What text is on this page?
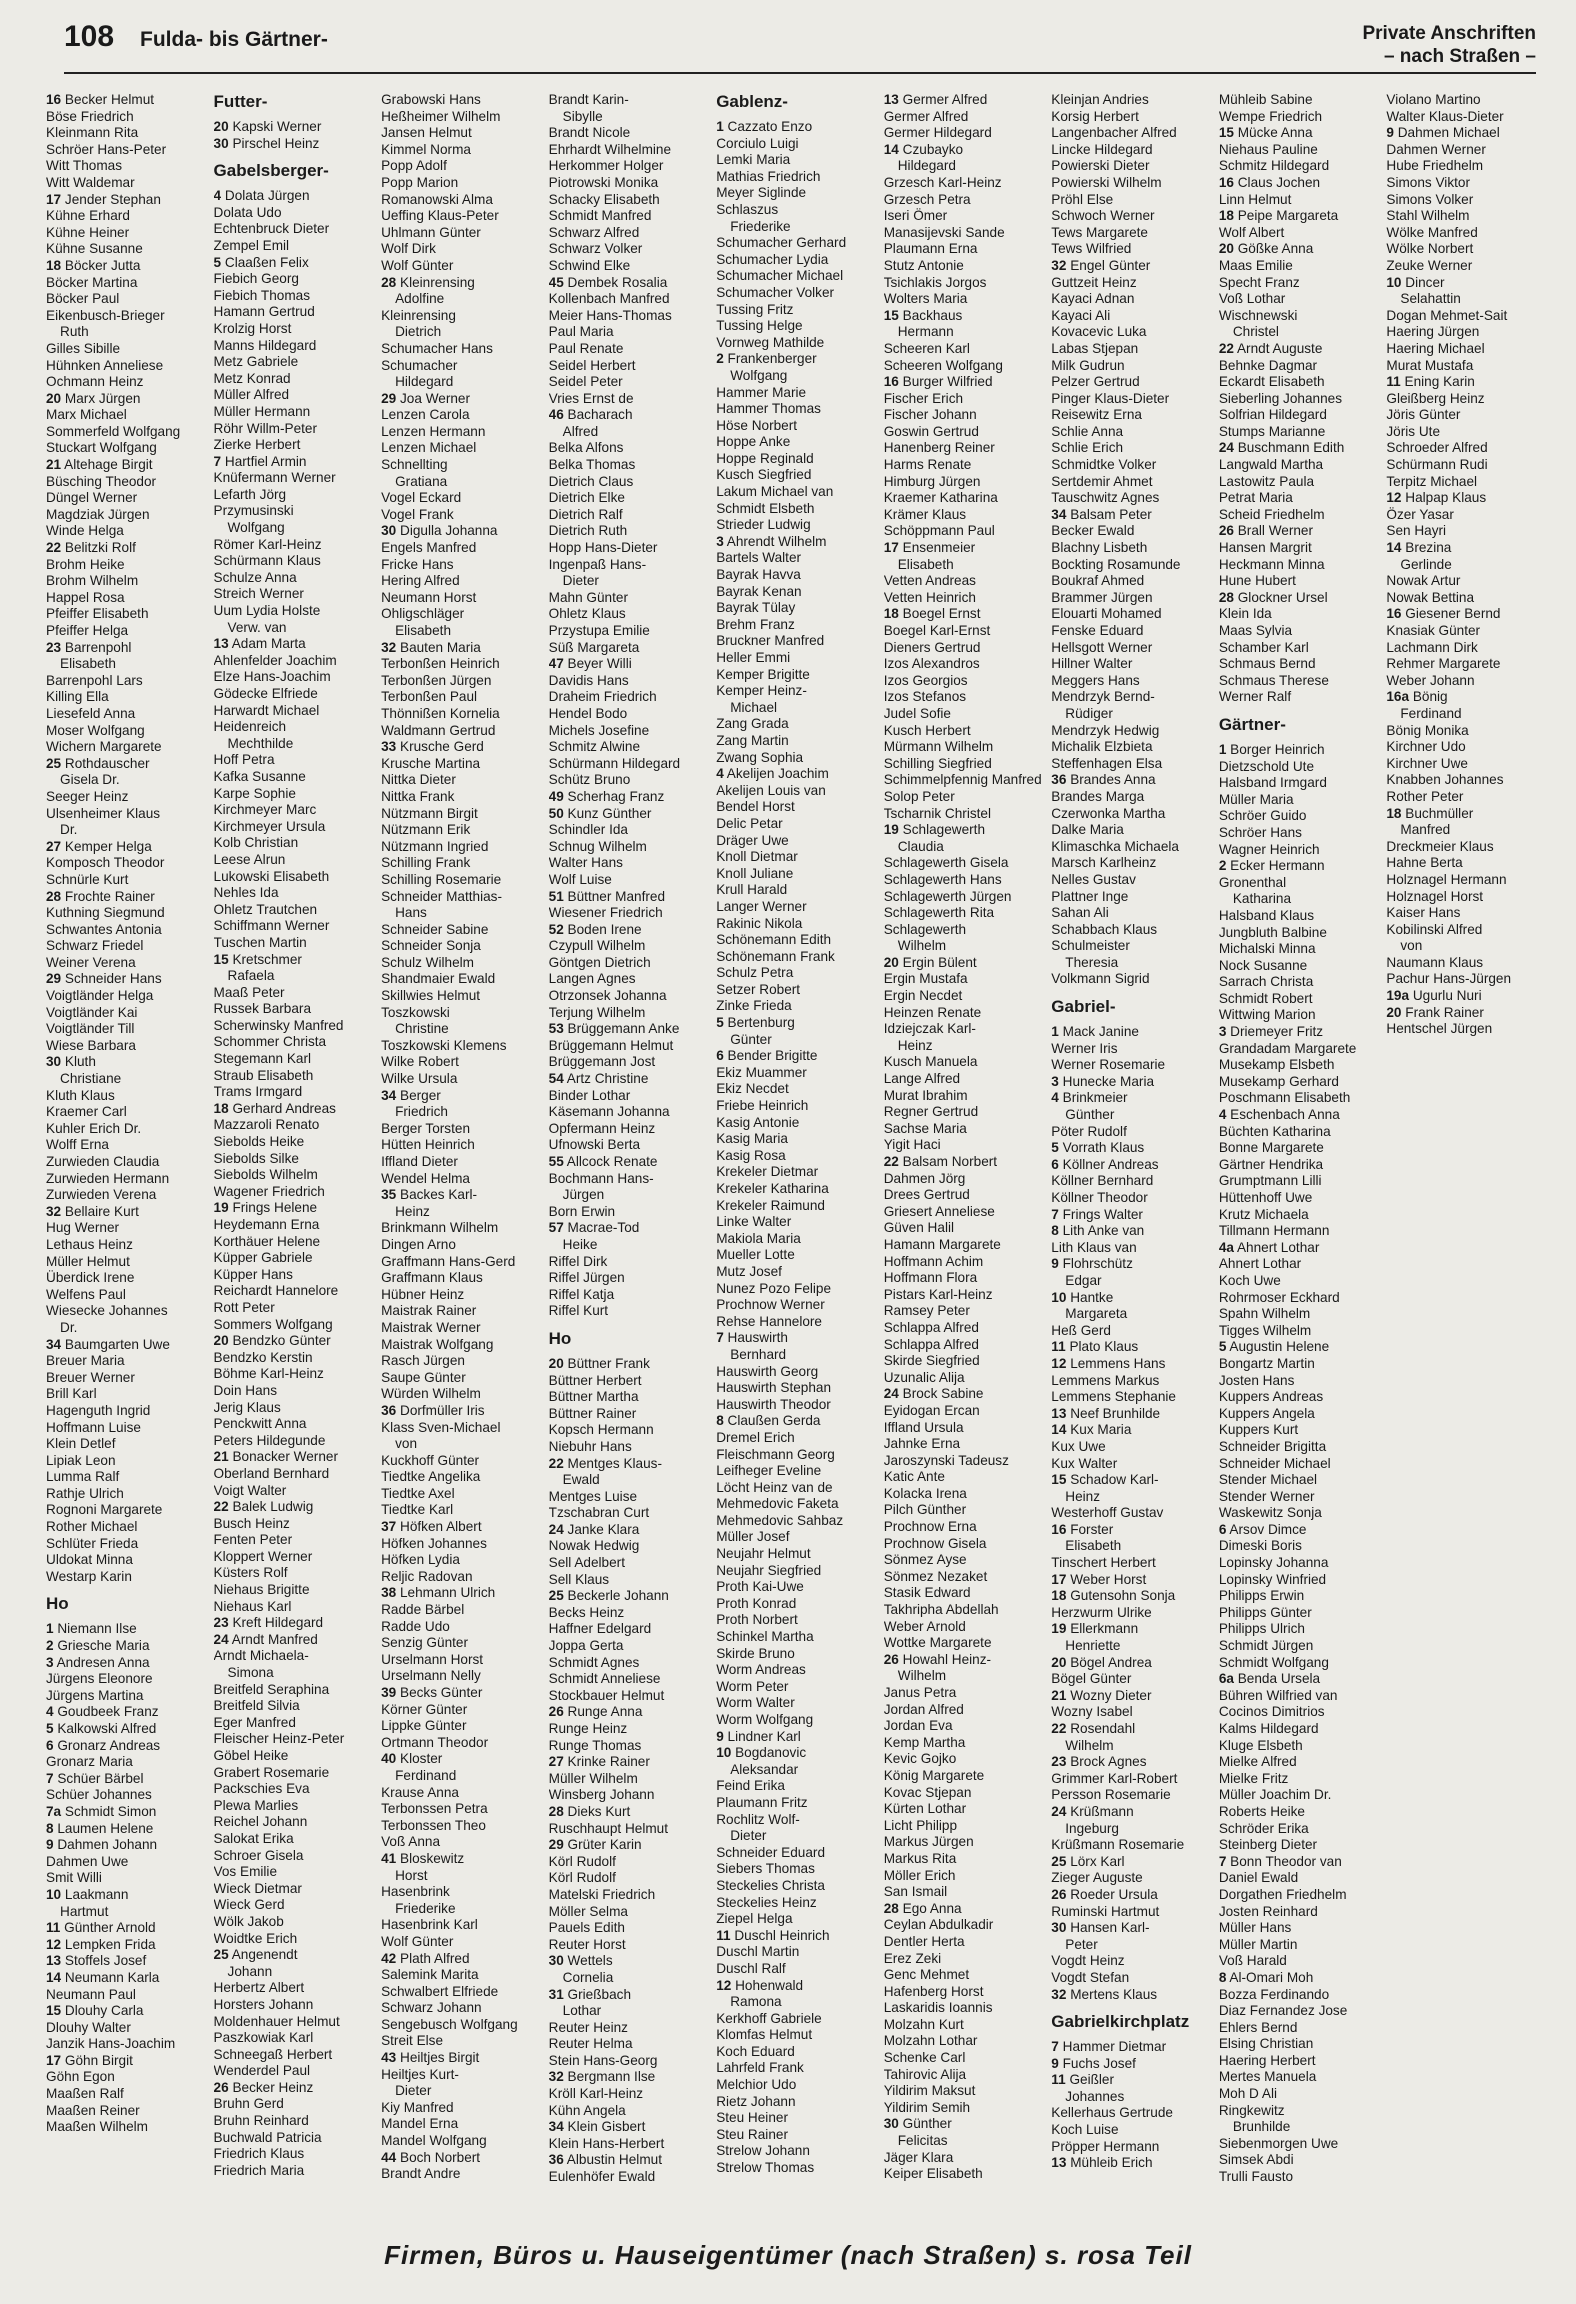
108 Fulda- bis Gärtner-	Private Anschriften
– nach Straßen –
16 Becker Helmut
Böse Friedrich
Kleinmann Rita
Schröer Hans-Peter
Witt Thomas
Witt Waldemar
17 Jender Stephan
Kühne Erhard
Kühne Heiner
Kühne Susanne
18 Böcker Jutta
Böcker Martina
Böcker Paul
Eikenbusch-Brieger
Ruth
Gilles Sibille
Hühnken Anneliese
Ochmann Heinz
20 Marx Jürgen
Marx Michael
Sommerfeld Wolfgang
Stuckart Wolfgang
21 Altehage Birgit
Büsching Theodor
Düngel Werner
Magdziak Jürgen
Winde Helga
22 Belitzki Rolf
Brohm Heike
Brohm Wilhelm
Happel Rosa
Pfeiffer Elisabeth
Pfeiffer Helga
23 Barrenpohl
Elisabeth
Barrenpohl Lars
Killing Ella
Liesefeld Anna
Moser Wolfgang
Wichern Margarete
25 Rothdauscher
Gisela Dr.
Seeger Heinz
Ulsenheimer Klaus
Dr.
27 Kemper Helga
Komposch Theodor
Schnürle Kurt
28 Frochte Rainer
Kuthning Siegmund
Schwantes Antonia
Schwarz Friedel
Weiner Verena
29 Schneider Hans
Voigtländer Helga
Voigtländer Kai
Voigtländer Till
Wiese Barbara
30 Kluth
Christiane
Kluth Klaus
Kraemer Carl
Kuhler Erich Dr.
Wolff Erna
Zurwieden Claudia
Zurwieden Hermann
Zurwieden Verena
32 Bellaire Kurt
Hug Werner
Lethaus Heinz
Müller Helmut
Überdick Irene
Welfens Paul
Wiesecke Johannes
Dr.
34 Baumgarten Uwe
Breuer Maria
Breuer Werner
Brill Karl
Hagenguth Ingrid
Hoffmann Luise
Klein Detlef
Lipiak Leon
Lumma Ralf
Rathje Ulrich
Rognoni Margarete
Rother Michael
Schlüter Frieda
Uldokat Minna
Westarp Karin
Ho
1 Niemann Ilse
2 Griesche Maria
3 Andresen Anna
Jürgens Eleonore
Jürgens Martina
4 Goudbeek Franz
5 Kalkowski Alfred
6 Gronarz Andreas
Gronarz Maria
7 Schüer Bärbel
Schüer Johannes
7a Schmidt Simon
8 Laumen Helene
9 Dahmen Johann
Dahmen Uwe
Smit Willi
10 Laakmann
Hartmut
11 Günther Arnold
12 Lempken Frida
13 Stoffels Josef
14 Neumann Karla
Neumann Paul
15 Dlouhy Carla
Dlouhy Walter
Janzik Hans-Joachim
17 Göhn Birgit
Göhn Egon
Maaßen Ralf
Maaßen Reiner
Maaßen Wilhelm
Futter-
20 Kapski Werner
30 Pirschel Heinz
Gabelsberger-
4 Dolata Jürgen
Dolata Udo
Echtenbruck Dieter
Zempel Emil
5 Claaßen Felix
Fiebich Georg
Fiebich Thomas
Hamann Gertrud
Krolzig Horst
Manns Hildegard
Metz Gabriele
Metz Konrad
Müller Alfred
Müller Hermann
Röhr Willm-Peter
Zierke Herbert
7 Hartfiel Armin
Knüfermann Werner
Lefarth Jörg
Przymusinski
Wolfgang
Römer Karl-Heinz
Schürmann Klaus
Schulze Anna
Streich Werner
Uum Lydia Holste
Verw. van
13 Adam Marta
Ahlenfelder Joachim
Elze Hans-Joachim
Gödecke Elfriede
Harwardt Michael
Heidenreich
Mechthilde
Hoff Petra
Kafka Susanne
Karpe Sophie
Kirchmeyer Marc
Kirchmeyer Ursula
Kolb Christian
Leese Alrun
Lukowski Elisabeth
Nehles Ida
Ohletz Trautchen
Schiffmann Werner
Tuschen Martin
15 Kretschmer
Rafaela
Maaß Peter
Russek Barbara
Scherwinsky Manfred
Schommer Christa
Stegemann Karl
Straub Elisabeth
Trams Irmgard
18 Gerhard Andreas
Mazzaroli Renato
Siebolds Heike
Siebolds Silke
Siebolds Wilhelm
Wagener Friedrich
19 Frings Helene
Heydemann Erna
Korthäuer Helene
Küpper Gabriele
Küpper Hans
Reichardt Hannelore
Rott Peter
Sommers Wolfgang
20 Bendzko Günter
Bendzko Kerstin
Böhme Karl-Heinz
Doin Hans
Jerig Klaus
Penckwitt Anna
Peters Hildegunde
21 Bonacker Werner
Oberland Bernhard
Voigt Walter
22 Balek Ludwig
Busch Heinz
Fenten Peter
Kloppert Werner
Küsters Rolf
Niehaus Brigitte
Niehaus Karl
23 Kreft Hildegard
24 Arndt Manfred
Arndt Michaela-
Simona
Breitfeld Seraphina
Breitfeld Silvia
Eger Manfred
Fleischer Heinz-Peter
Göbel Heike
Grabert Rosemarie
Packschies Eva
Plewa Marlies
Reichel Johann
Salokat Erika
Schroer Gisela
Vos Emilie
Wieck Dietmar
Wieck Gerd
Wölk Jakob
Woidtke Erich
25 Angenendt
Johann
Herbertz Albert
Horsters Johann
Moldenhauer Helmut
Paszkowiak Karl
Schneegaß Herbert
Wenderdel Paul
26 Becker Heinz
Bruhn Gerd
Bruhn Reinhard
Buchwald Patricia
Friedrich Klaus
Friedrich Maria
Grabowski Hans
Heßheimer Wilhelm
Jansen Helmut
Kimmel Norma
Popp Adolf
Popp Marion
Romanowski Alma
Ueffing Klaus-Peter
Uhlmann Günter
Wolf Dirk
Wolf Günter
28 Kleinrensing
Adolfine
Kleinrensing
Dietrich
Schumacher Hans
Schumacher
Hildegard
29 Joa Werner
Lenzen Carola
Lenzen Hermann
Lenzen Michael
Schnellting
Gratiana
Vogel Eckard
Vogel Frank
30 Digulla Johanna
Engels Manfred
Fricke Hans
Hering Alfred
Neumann Horst
Ohligschläger
Elisabeth
32 Bauten Maria
Terbonßen Heinrich
Terbonßen Jürgen
Terbonßen Paul
Thönnißen Kornelia
Waldmann Gertrud
33 Krusche Gerd
Krusche Martina
Nittka Dieter
Nittka Frank
Nützmann Birgit
Nützmann Erik
Nützmann Ingried
Schilling Frank
Schilling Rosemarie
Schneider Matthias-
Hans
Schneider Sabine
Schneider Sonja
Schulz Wilhelm
Shandmaier Ewald
Skillwies Helmut
Toszkowski
Christine
Toszkowski Klemens
Wilke Robert
Wilke Ursula
34 Berger
Friedrich
Berger Torsten
Hütten Heinrich
Iffland Dieter
Wendel Helma
35 Backes Karl-
Heinz
Brinkmann Wilhelm
Dingen Arno
Graffmann Hans-Gerd
Graffmann Klaus
Hübner Heinz
Maistrak Rainer
Maistrak Werner
Maistrak Wolfgang
Rasch Jürgen
Saupe Günter
Würden Wilhelm
36 Dorfmüller Iris
Klass Sven-Michael
von
Kuckhoff Günter
Tiedtke Angelika
Tiedtke Axel
Tiedtke Karl
37 Höfken Albert
Höfken Johannes
Höfken Lydia
Reljic Radovan
38 Lehmann Ulrich
Radde Bärbel
Radde Udo
Senzig Günter
Urselmann Horst
Urselmann Nelly
39 Becks Günter
Körner Günter
Lippke Günter
Ortmann Theodor
40 Kloster
Ferdinand
Krause Anna
Terbonssen Petra
Terbonssen Theo
Voß Anna
41 Bloskewitz
Horst
Hasenbrink
Friederike
Hasenbrink Karl
Wolf Günter
42 Plath Alfred
Salemink Marita
Schwalbert Elfriede
Schwarz Johann
Sengebusch Wolfgang
Streit Else
43 Heiltjes Birgit
Heiltjes Kurt-
Dieter
Kiy Manfred
Mandel Erna
Mandel Wolfgang
44 Boch Norbert
Brandt Andre
Brandt Karin-
Sibylle
Brandt Nicole
Ehrhardt Wilhelmine
Herkommer Holger
Piotrowski Monika
Schacky Elisabeth
Schmidt Manfred
Schwarz Alfred
Schwarz Volker
Schwind Elke
45 Dembek Rosalia
Kollenbach Manfred
Meier Hans-Thomas
Paul Maria
Paul Renate
Seidel Herbert
Seidel Peter
Vries Ernst de
46 Bacharach
Alfred
Belka Alfons
Belka Thomas
Dietrich Claus
Dietrich Elke
Dietrich Ralf
Dietrich Ruth
Hopp Hans-Dieter
Ingenpaß Hans-
Dieter
Mahn Günter
Ohletz Klaus
Przystupa Emilie
Süß Margareta
47 Beyer Willi
Davidis Hans
Draheim Friedrich
Hendel Bodo
Michels Josefine
Schmitz Alwine
Schürmann Hildegard
Schütz Bruno
49 Scherhag Franz
50 Kunz Günther
Schindler Ida
Schnug Wilhelm
Walter Hans
Wolf Luise
51 Büttner Manfred
Wiesener Friedrich
52 Boden Irene
Czypull Wilhelm
Göntgen Dietrich
Langen Agnes
Otrzonsek Johanna
Terjung Wilhelm
53 Brüggemann Anke
Brüggemann Helmut
Brüggemann Jost
54 Artz Christine
Binder Lothar
Käsemann Johanna
Opfermann Heinz
Ufnowski Berta
55 Allcock Renate
Bochmann Hans-
Jürgen
Born Erwin
57 Macrae-Tod
Heike
Riffel Dirk
Riffel Jürgen
Riffel Katja
Riffel Kurt
Ho
20 Büttner Frank
Büttner Herbert
Büttner Martha
Büttner Rainer
Kopsch Hermann
Niebuhr Hans
22 Mentges Klaus-
Ewald
Mentges Luise
Tzschabran Curt
24 Janke Klara
Nowak Hedwig
Sell Adelbert
Sell Klaus
25 Beckerle Johann
Becks Heinz
Haffner Edelgard
Joppa Gerta
Schmidt Agnes
Schmidt Anneliese
Stockbauer Helmut
26 Runge Anna
Runge Heinz
Runge Thomas
27 Krinke Rainer
Müller Wilhelm
Winsberg Johann
28 Dieks Kurt
Ruschhaupt Helmut
29 Grüter Karin
Körl Rudolf
Körl Rudolf
Matelski Friedrich
Möller Selma
Pauels Edith
Reuter Horst
30 Wettels
Cornelia
31 Grießbach
Lothar
Reuter Heinz
Reuter Helma
Stein Hans-Georg
32 Bergmann Ilse
Kröll Karl-Heinz
Kühn Angela
34 Klein Gisbert
Klein Hans-Herbert
36 Albustin Helmut
Eulenhöfer Ewald
Gablenz-
1 Cazzato Enzo
Corciulo Luigi
Lemki Maria
Mathias Friedrich
Meyer Siglinde
Schlaszus
Friederike
Schumacher Gerhard
Schumacher Lydia
Schumacher Michael
Schumacher Volker
Tussing Fritz
Tussing Helge
Vornweg Mathilde
2 Frankenberger
Wolfgang
Hammer Marie
Hammer Thomas
Höse Norbert
Hoppe Anke
Hoppe Reginald
Kusch Siegfried
Lakum Michael van
Schmidt Elsbeth
Strieder Ludwig
3 Ahrendt Wilhelm
Bartels Walter
Bayrak Havva
Bayrak Kenan
Bayrak Tülay
Brehm Franz
Bruckner Manfred
Heller Emmi
Kemper Brigitte
Kemper Heinz-
Michael
Zang Grada
Zang Martin
Zwang Sophia
4 Akelijen Joachim
Akelijen Louis van
Bendel Horst
Delic Petar
Dräger Uwe
Knoll Dietmar
Knoll Juliane
Krull Harald
Langer Werner
Rakinic Nikola
Schönemann Edith
Schönemann Frank
Schulz Petra
Setzer Robert
Zinke Frieda
5 Bertenburg
Günter
6 Bender Brigitte
Ekiz Muammer
Ekiz Necdet
Friebe Heinrich
Kasig Antonie
Kasig Maria
Kasig Rosa
Krekeler Dietmar
Krekeler Katharina
Krekeler Raimund
Linke Walter
Makiola Maria
Mueller Lotte
Mutz Josef
Nunez Pozo Felipe
Prochnow Werner
Rehse Hannelore
7 Hauswirth
Bernhard
Hauswirth Georg
Hauswirth Stephan
Hauswirth Theodor
8 Claußen Gerda
Dremel Erich
Fleischmann Georg
Leifheger Eveline
Löcht Heinz van de
Mehmedovic Faketa
Mehmedovic Sahbaz
Müller Josef
Neujahr Helmut
Neujahr Siegfried
Proth Kai-Uwe
Proth Konrad
Proth Norbert
Schinkel Martha
Skirde Bruno
Worm Andreas
Worm Peter
Worm Walter
Worm Wolfgang
9 Lindner Karl
10 Bogdanovic
Aleksandar
Feind Erika
Plaumann Fritz
Rochlitz Wolf-
Dieter
Schneider Eduard
Siebers Thomas
Steckelies Christa
Steckelies Heinz
Ziepel Helga
11 Duschl Heinrich
Duschl Martin
Duschl Ralf
12 Hohenwald
Ramona
Kerkhoff Gabriele
Klomfas Helmut
Koch Eduard
Lahrfeld Frank
Melchior Udo
Rietz Johann
Steu Heiner
Steu Rainer
Strelow Johann
Strelow Thomas
13 Germer Alfred
Germer Alfred
Germer Hildegard
14 Czubayko
Hildegard
Grzesch Karl-Heinz
Grzesch Petra
Iseri Ömer
Manasijevski Sande
Plaumann Erna
Stutz Antonie
Tsichlakis Jorgos
Wolters Maria
15 Backhaus
Hermann
Scheeren Karl
Scheeren Wolfgang
16 Burger Wilfried
Fischer Erich
Fischer Johann
Goswin Gertrud
Hanenberg Reiner
Harms Renate
Himburg Jürgen
Kraemer Katharina
Krämer Klaus
Schöppmann Paul
17 Ensenmeier
Elisabeth
Vetten Andreas
Vetten Heinrich
18 Boegel Ernst
Boegel Karl-Ernst
Dieners Gertrud
Izos Alexandros
Izos Georgios
Izos Stefanos
Judel Sofie
Kusch Herbert
Mürmann Wilhelm
Schilling Siegfried
Schimmelpfennig Manfred
Solop Peter
Tscharnik Christel
19 Schlagewerth
Claudia
Schlagewerth Gisela
Schlagewerth Hans
Schlagewerth Jürgen
Schlagewerth Rita
Schlagewerth
Wilhelm
20 Ergin Bülent
Ergin Mustafa
Ergin Necdet
Heinzen Renate
Idziejczak Karl-
Heinz
Kusch Manuela
Lange Alfred
Murat Ibrahim
Regner Gertrud
Sachse Maria
Yigit Haci
22 Balsam Norbert
Dahmen Jörg
Drees Gertrud
Griesert Anneliese
Güven Halil
Hamann Margarete
Hoffmann Achim
Hoffmann Flora
Pistars Karl-Heinz
Ramsey Peter
Schlappa Alfred
Schlappa Alfred
Skirde Siegfried
Uzunalic Alija
24 Brock Sabine
Eyidogan Ercan
Iffland Ursula
Jahnke Erna
Jaroszynski Tadeusz
Katic Ante
Kolacka Irena
Pilch Günther
Prochnow Erna
Prochnow Gisela
Sönmez Ayse
Sönmez Nezaket
Stasik Edward
Takhripha Abdellah
Weber Arnold
Wottke Margarete
26 Howahl Heinz-
Wilhelm
Janus Petra
Jordan Alfred
Jordan Eva
Kemp Martha
Kevic Gojko
König Margarete
Kovac Stjepan
Kürten Lothar
Licht Philipp
Markus Jürgen
Markus Rita
Möller Erich
San Ismail
28 Ego Anna
Ceylan Abdulkadir
Dentler Herta
Erez Zeki
Genc Mehmet
Hafenberg Horst
Laskaridis Ioannis
Molzahn Kurt
Molzahn Lothar
Schenke Carl
Tahirovic Alija
Yildirim Maksut
Yildirim Semih
30 Günther
Felicitas
Jäger Klara
Keiper Elisabeth
Kleinjan Andries
Korsig Herbert
Langenbacher Alfred
Lincke Hildegard
Powierski Dieter
Powierski Wilhelm
Pröhl Else
Schwoch Werner
Tews Margarete
Tews Wilfried
32 Engel Günter
Guttzeit Heinz
Kayaci Adnan
Kayaci Ali
Kovacevic Luka
Labas Stjepan
Milk Gudrun
Pelzer Gertrud
Pinger Klaus-Dieter
Reisewitz Erna
Schlie Anna
Schlie Erich
Schmidtke Volker
Sertdemir Ahmet
Tauschwitz Agnes
34 Balsam Peter
Becker Ewald
Blachny Lisbeth
Bockting Rosamunde
Boukraf Ahmed
Brammer Jürgen
Elouarti Mohamed
Fenske Eduard
Hellsgott Werner
Hillner Walter
Meggers Hans
Mendrzyk Bernd-
Rüdiger
Mendrzyk Hedwig
Michalik Elzbieta
Steffenhagen Elsa
36 Brandes Anna
Brandes Marga
Czerwonka Martha
Dalke Maria
Klimaschka Michaela
Marsch Karlheinz
Nelles Gustav
Plattner Inge
Sahan Ali
Schabbach Klaus
Schulmeister
Theresia
Volkmann Sigrid
Gabriel-
1 Mack Janine
Werner Iris
Werner Rosemarie
3 Hunecke Maria
4 Brinkmeier
Günther
Pöter Rudolf
5 Vorrath Klaus
6 Köllner Andreas
Köllner Bernhard
Köllner Theodor
7 Frings Walter
8 Lith Anke van
Lith Klaus van
9 Flohrschütz
Edgar
10 Hantke
Margareta
Heß Gerd
11 Plato Klaus
12 Lemmens Hans
Lemmens Markus
Lemmens Stephanie
13 Neef Brunhilde
14 Kux Maria
Kux Uwe
Kux Walter
15 Schadow Karl-
Heinz
Westerhoff Gustav
16 Forster
Elisabeth
Tinschert Herbert
17 Weber Horst
18 Gutensohn Sonja
Herzwurm Ulrike
19 Ellerkmann
Henriette
20 Bögel Andrea
Bögel Günter
21 Wozny Dieter
Wozny Isabel
22 Rosendahl
Wilhelm
23 Brock Agnes
Grimmer Karl-Robert
Persson Rosemarie
24 Krüßmann
Ingeburg
Krüßmann Rosemarie
25 Lörx Karl
Zieger Auguste
26 Roeder Ursula
Ruminski Hartmut
30 Hansen Karl-
Peter
Vogdt Heinz
Vogdt Stefan
32 Mertens Klaus
Gabrielkirchplatz
7 Hammer Dietmar
9 Fuchs Josef
11 Geißler
Johannes
Kellerhaus Gertrude
Koch Luise
Pröpper Hermann
13 Mühleib Erich
Mühleib Sabine
Wempe Friedrich
15 Mücke Anna
Niehaus Pauline
Schmitz Hildegard
16 Claus Jochen
Linn Helmut
18 Peipe Margareta
Wolf Albert
20 Gößke Anna
Maas Emilie
Specht Franz
Voß Lothar
Wischnewski
Christel
22 Arndt Auguste
Behnke Dagmar
Eckardt Elisabeth
Sieberling Johannes
Solfrian Hildegard
Stumps Marianne
24 Buschmann Edith
Langwald Martha
Lastowitz Paula
Petrat Maria
Scheid Friedhelm
26 Brall Werner
Hansen Margrit
Heckmann Minna
Hune Hubert
28 Glockner Ursel
Klein Ida
Maas Sylvia
Schamber Karl
Schmaus Bernd
Schmaus Therese
Werner Ralf
Gärtner-
1 Borger Heinrich
Dietzschold Ute
Halsband Irmgard
Müller Maria
Schröer Guido
Schröer Hans
Wagner Heinrich
2 Ecker Hermann
Gronenthal
Katharina
Halsband Klaus
Jungbluth Balbine
Michalski Minna
Nock Susanne
Sarrach Christa
Schmidt Robert
Wittwing Marion
3 Driemeyer Fritz
Grandadam Margarete
Musekamp Elsbeth
Musekamp Gerhard
Poschmann Elisabeth
4 Eschenbach Anna
Büchten Katharina
Bonne Margarete
Gärtner Hendrika
Grumptmann Lilli
Hüttenhoff Uwe
Krutz Michaela
Tillmann Hermann
4a Ahnert Lothar
Ahnert Lothar
Koch Uwe
Rohrmoser Eckhard
Spahn Wilhelm
Tigges Wilhelm
5 Augustin Helene
Bongartz Martin
Josten Hans
Kuppers Andreas
Kuppers Angela
Kuppers Kurt
Schneider Brigitta
Schneider Michael
Stender Michael
Stender Werner
Waskewitz Sonja
6 Arsov Dimce
Dimeski Boris
Lopinsky Johanna
Lopinsky Winfried
Philipps Erwin
Philipps Günter
Philipps Ulrich
Schmidt Jürgen
Schmidt Wolfgang
6a Benda Ursela
Bühren Wilfried van
Cocinos Dimitrios
Kalms Hildegard
Kluge Elsbeth
Mielke Alfred
Mielke Fritz
Müller Joachim Dr.
Roberts Heike
Schröder Erika
Steinberg Dieter
7 Bonn Theodor van
Daniel Ewald
Dorgathen Friedhelm
Josten Reinhard
Müller Hans
Müller Martin
Voß Harald
8 Al-Omari Moh
Bozza Ferdinando
Diaz Fernandez Jose
Ehlers Bernd
Elsing Christian
Haering Herbert
Mertes Manuela
Moh D Ali
Ringkewitz
Brunhilde
Siebenmorgen Uwe
Simsek Abdi
Trulli Fausto
Violano Martino
Walter Klaus-Dieter
9 Dahmen Michael
Dahmen Werner
Hube Friedhelm
Simons Viktor
Simons Volker
Stahl Wilhelm
Wölke Manfred
Wölke Norbert
Zeuke Werner
10 Dincer
Selahattin
Dogan Mehmet-Sait
Haering Jürgen
Haering Michael
Murat Mustafa
11 Ening Karin
Gleißberg Heinz
Jöris Günter
Jöris Ute
Schroeder Alfred
Schürmann Rudi
Terpitz Michael
12 Halpap Klaus
Özer Yasar
Sen Hayri
14 Brezina
Gerlinde
Nowak Artur
Nowak Bettina
16 Giesener Bernd
Knasiak Günter
Lachmann Dirk
Rehmer Margarete
Weber Johann
16a Bönig
Ferdinand
Bönig Monika
Kirchner Udo
Kirchner Uwe
Knabben Johannes
Rother Peter
18 Buchmüller
Manfred
Dreckmeier Klaus
Hahne Berta
Holznagel Hermann
Holznagel Horst
Kaiser Hans
Kobilinski Alfred
von
Naumann Klaus
Pachur Hans-Jürgen
19a Ugurlu Nuri
20 Frank Rainer
Hentschel Jürgen
Firmen, Büros u. Hauseigentümer (nach Straßen) s. rosa Teil
